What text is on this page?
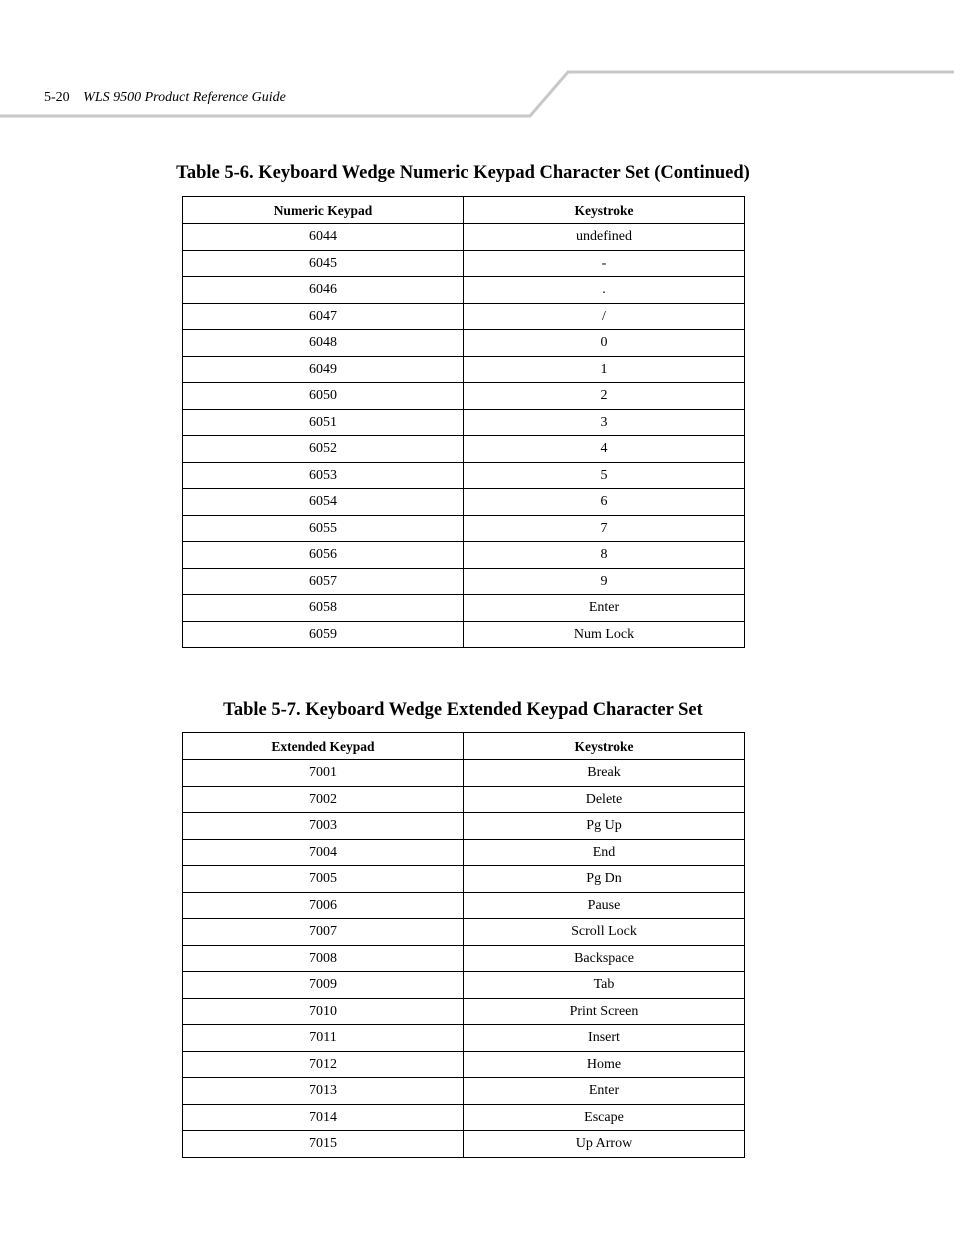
5-20 WLS 9500 Product Reference Guide
Table 5-6. Keyboard Wedge Numeric Keypad Character Set (Continued)
Numeric Keypad	Keystroke
6044	undefined
6045	-
6046	.
6047	/
6048	0
6049	1
6050	2
6051	3
6052	4
6053	5
6054	6
6055	7
6056	8
6057	9
6058	Enter
6059	Num Lock
Table 5-7. Keyboard Wedge Extended Keypad Character Set
Extended Keypad	Keystroke
7001	Break
7002	Delete
7003	Pg Up
7004	End
7005	Pg Dn
7006	Pause
7007	Scroll Lock
7008	Backspace
7009	Tab
7010	Print Screen
7011	Insert
7012	Home
7013	Enter
7014	Escape
7015	Up Arrow
